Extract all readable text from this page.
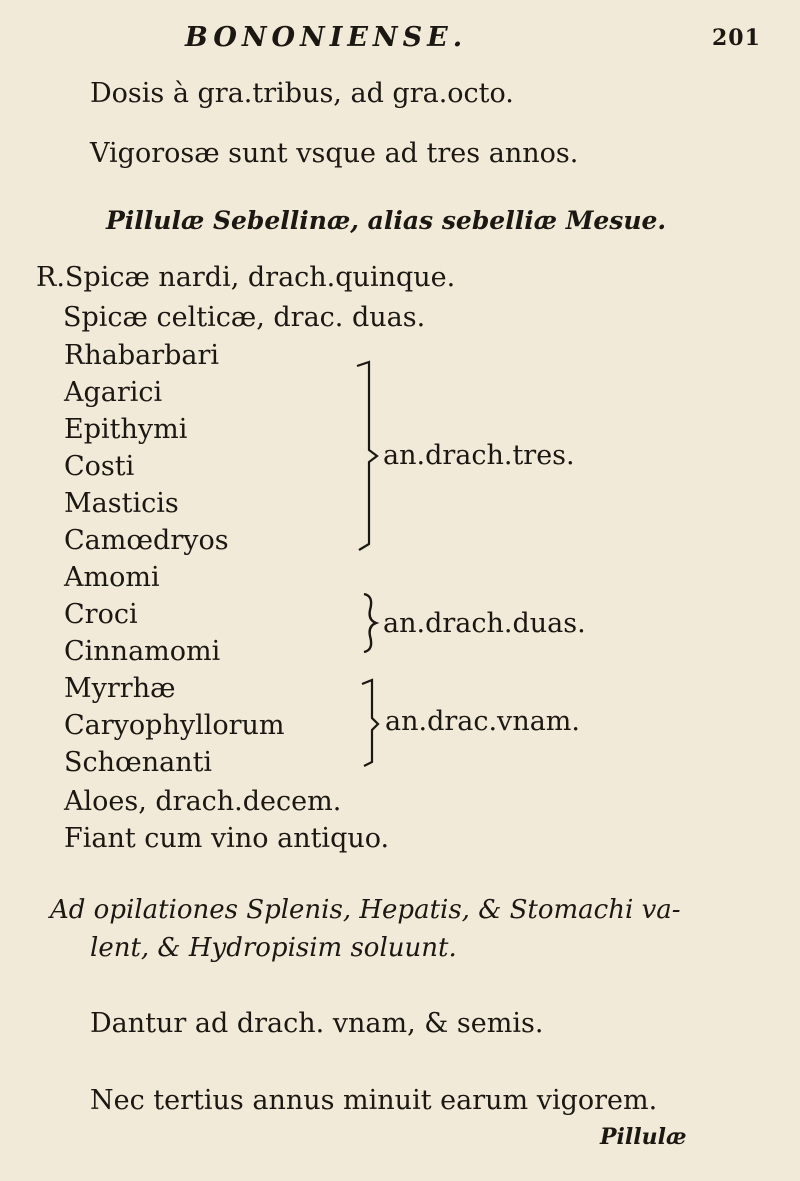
BONONIENSE.	201
Dosis à gra.tribus, ad gra.octo.
Vigorosæ sunt vsque ad tres annos.
Pillulæ Sebellinæ, alias sebelliæ Mesue.
R.Spicæ nardi, drach.quinque.
Spicæ celticæ, drac. duas.
Rhabarbari
Agarici
Epithymi
Costi
Masticis
Camœdryos
Amomi
an.drach.tres.
Croci
Cinnamomi
an.drach.duas.
Myrrhæ
Caryophyllorum
Schœnanti
an.drac.vnam.
Aloes, drach.decem.
Fiant cum vino antiquo.
Ad opilationes Splenis, Hepatis, & Stomachi va-
lent, & Hydropisim soluunt.
Dantur ad drach. vnam, & semis.
Nec tertius annus minuit earum vigorem.
Pillulæ
